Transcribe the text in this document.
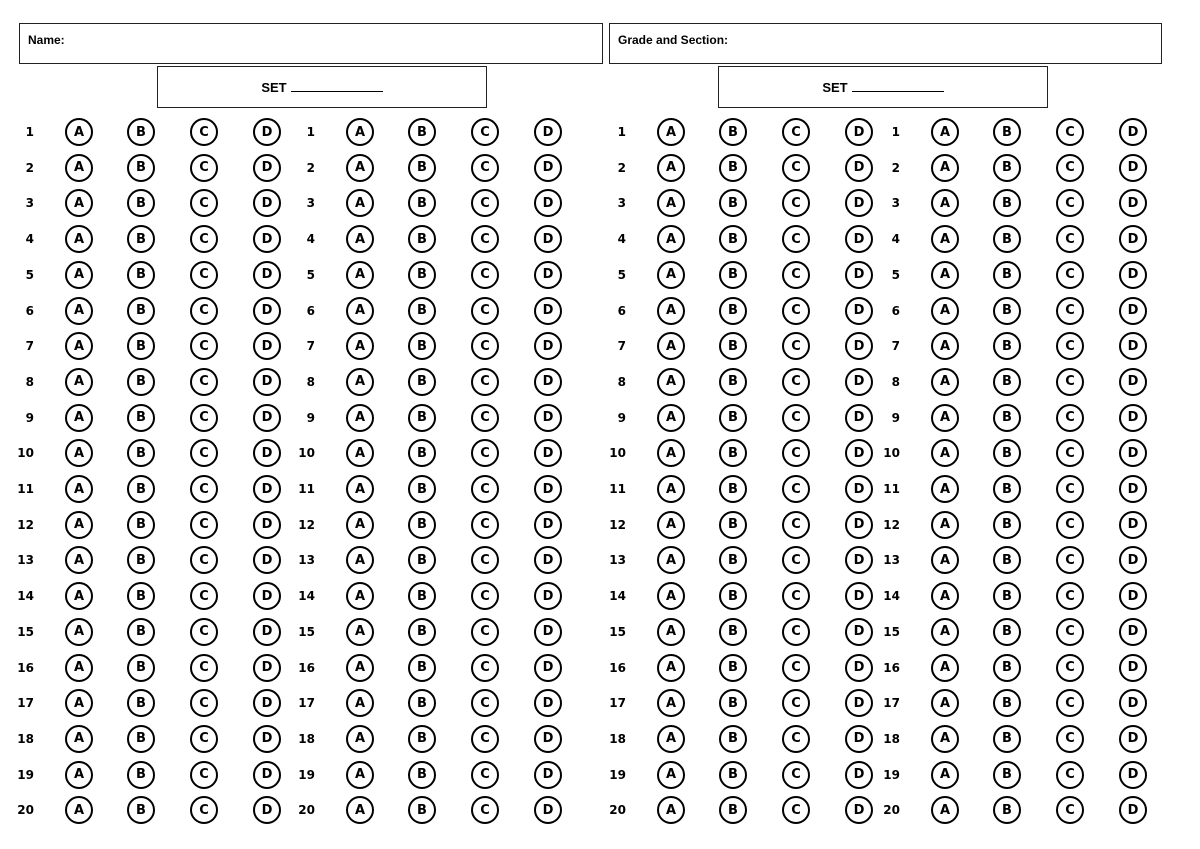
Name:	Grade and Section:
SET	SET
1	A	B	C	D
2	A	B	C	D
3	A	B	C	D
4	A	B	C	D
5	A	B	C	D
6	A	B	C	D
7	A	B	C	D
8	A	B	C	D
9	A	B	C	D
10	A	B	C	D
11	A	B	C	D
12	A	B	C	D
13	A	B	C	D
14	A	B	C	D
15	A	B	C	D
16	A	B	C	D
17	A	B	C	D
18	A	B	C	D
19	A	B	C	D
20	A	B	C	D
1	A	B	C	D
2	A	B	C	D
3	A	B	C	D
4	A	B	C	D
5	A	B	C	D
6	A	B	C	D
7	A	B	C	D
8	A	B	C	D
9	A	B	C	D
10	A	B	C	D
11	A	B	C	D
12	A	B	C	D
13	A	B	C	D
14	A	B	C	D
15	A	B	C	D
16	A	B	C	D
17	A	B	C	D
18	A	B	C	D
19	A	B	C	D
20	A	B	C	D
1	A	B	C	D
2	A	B	C	D
3	A	B	C	D
4	A	B	C	D
5	A	B	C	D
6	A	B	C	D
7	A	B	C	D
8	A	B	C	D
9	A	B	C	D
10	A	B	C	D
11	A	B	C	D
12	A	B	C	D
13	A	B	C	D
14	A	B	C	D
15	A	B	C	D
16	A	B	C	D
17	A	B	C	D
18	A	B	C	D
19	A	B	C	D
20	A	B	C	D
1	A	B	C	D
2	A	B	C	D
3	A	B	C	D
4	A	B	C	D
5	A	B	C	D
6	A	B	C	D
7	A	B	C	D
8	A	B	C	D
9	A	B	C	D
10	A	B	C	D
11	A	B	C	D
12	A	B	C	D
13	A	B	C	D
14	A	B	C	D
15	A	B	C	D
16	A	B	C	D
17	A	B	C	D
18	A	B	C	D
19	A	B	C	D
20	A	B	C	D
